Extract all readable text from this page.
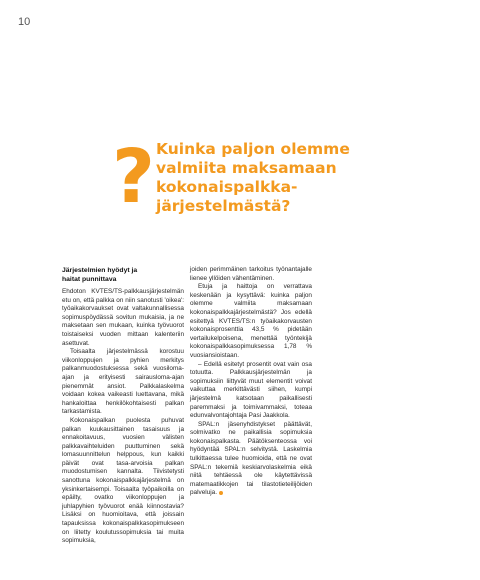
10
? Kuinka paljon olemme valmiita maksamaan kokonaispalkka-järjestelmästä?
Järjestelmien hyödyt ja
haitat punnittava

Ehdoton KVTES/TS-palkkausjärjestelmän etu on, että palkka on niin sanotusti 'oikea': työaikakorvaukset ovat valtakunnallisessa sopimuspöydässä sovitun mukaisia, ja ne maksetaan sen mukaan, kuinka työvuorot toistaiseksi vuoden mittaan kalenteriin asettuvat.

Toisaalta järjestelmässä korostuu viikonloppujen ja pyhien merkitys palkanmuodostuksessa sekä vuosiloma-ajan ja erityisesti sairausloma-ajan pienemmät ansiot. Palkkalaskelma voidaan kokea vaikeasti luettavana, mikä hankaloittaa henkilökohtaisesti palkan tarkastamista.

Kokonaispalkan puolesta puhuvat palkan kuukausittainen tasaisuus ja ennakoitavuus, vuosien välisten palkkavaihteluiden puuttuminen sekä lomasuunnittelun helppous, kun kaikki päivät ovat tasa-arvoisia palkan muodostumisen kannalta. Tiivistetysti sanottuna kokonaispalkkajärjestelmä on yksinkertaisempi. Toisaalta työpaikoilla on epäilty, ovatko viikonloppujen ja juhlapyhien työvuorot enää kiinnostavia? Lisäksi on huomioitava, että joissain tapauksissa kokonaispalkkasopimukseen on liitetty koulutussopimuksia tai muita sopimuksia,

joiden perimmäinen tarkoitus työnantajalle lienee yllöiden vähentäminen.

Etuja ja haittoja on verrattava keskenään ja kysyttävä: kuinka paljon olemme valmiita maksamaan kokonaispalkkajärjestelmästä? Jos edellä esitettyä KVTES/TS:n työaikakorvausten kokonaisprosenttia 43,5 % pidetään vertailukelpoisena, menettää työntekijä kokonaispalkkasopimuksessa 1,78 % vuosiansioistaan.

– Edellä esitetyt prosentit ovat vain osa totuutta. Palkkausjärjestelmän ja sopimuksiin liittyvät muut elementit voivat vaikuttaa merkittävästi siihen, kumpi järjestelmä katsotaan paikallisesti paremmaksi ja toimivammaksi, toteaa edunvalvontajohtaja Pasi Jaakkola.

SPAL:n jäsenyhdistykset päättävät, solmivatko ne paikallisia sopimuksia kokonaispalkasta. Päätöksenteossa voi hyödyntää SPAL:n selvitystä. Laskelmia tulkittaessa tulee huomioida, että ne ovat SPAL:n tekemiä keskiarvolaskelmia eikä niitä tehtäessä ole käytettävissä matemaatikkojen tai tilastotieteilijöiden palveluja.
